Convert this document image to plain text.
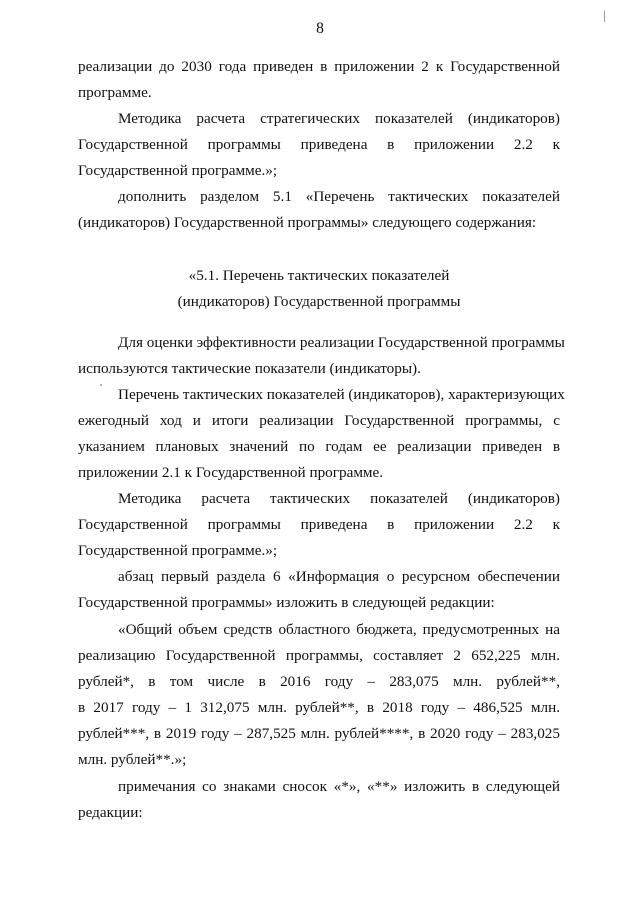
8
реализации до 2030 года приведен в приложении 2 к Государственной
программе.
Методика расчета стратегических показателей (индикаторов)
Государственной программы приведена в приложении 2.2 к
Государственной программе.»;
дополнить разделом 5.1 «Перечень тактических показателей
(индикаторов) Государственной программы» следующего содержания:
«5.1. Перечень тактических показателей
(индикаторов) Государственной программы
Для оценки эффективности реализации Государственной программы
используются тактические показатели (индикаторы).
Перечень тактических показателей (индикаторов), характеризующих
ежегодный ход и итоги реализации Государственной программы, с
указанием плановых значений по годам ее реализации приведен в
приложении 2.1 к Государственной программе.
Методика расчета тактических показателей (индикаторов)
Государственной программы приведена в приложении 2.2 к
Государственной программе.»;
абзац первый раздела 6 «Информация о ресурсном обеспечении
Государственной программы» изложить в следующей редакции:
«Общий объем средств областного бюджета, предусмотренных на
реализацию Государственной программы, составляет 2 652,225 млн.
рублей*, в том числе в 2016 году – 283,075 млн. рублей**,
в 2017 году – 1 312,075 млн. рублей**, в 2018 году – 486,525 млн.
рублей***, в 2019 году – 287,525 млн. рублей****, в 2020 году – 283,025
млн. рублей**.»;
примечания со знаками сносок «*», «**» изложить в следующей
редакции:
